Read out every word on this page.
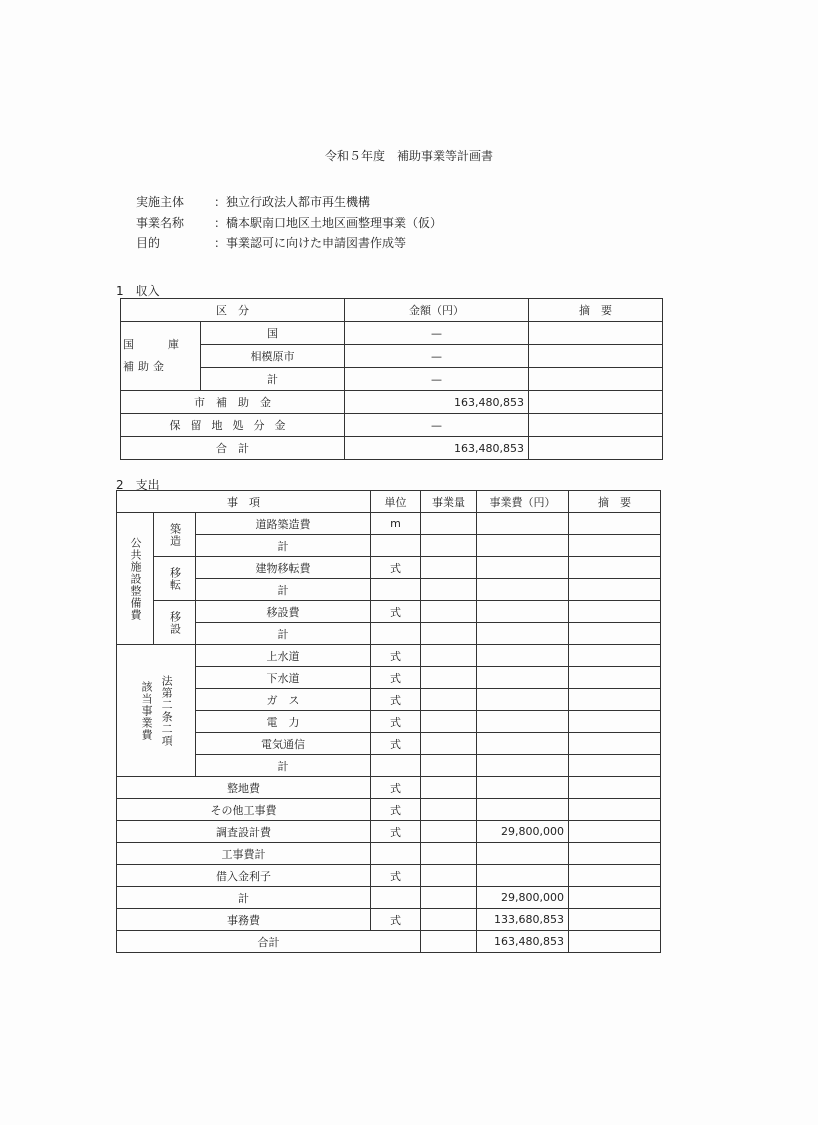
令和５年度　補助事業等計画書
実施主体 ：独立行政法人都市再生機構
事業名称 ：橋本駅南口地区土地区画整理事業（仮）
目的	：事業認可に向けた申請図書作成等
1　収入
区　分		金額（円）	摘　要
国　　庫　補助金	国	—	
	相模原市	—	
	計	—	
市　補　助　金		163,480,853	
保留地処分金		—	
合　計		163,480,853	
2　支出
事　項			単位	事業量	事業費（円）	摘　要
公共施設整備費	築造	道路築造費	m			
		計				
	移転	建物移転費	式			
		計				
	移設	移設費	式			
		計				

該当事業費 法第二条二項		上水道	式			
		下水道	式			
		ガ　ス	式			
		電　力	式			
		電気通信	式			
		計				
整地費			式			
その他工事費			式			
調査設計費			式		29,800,000	
工事費計						
借入金利子			式			
計					29,800,000	
事務費			式		133,680,853	
合計					163,480,853	
